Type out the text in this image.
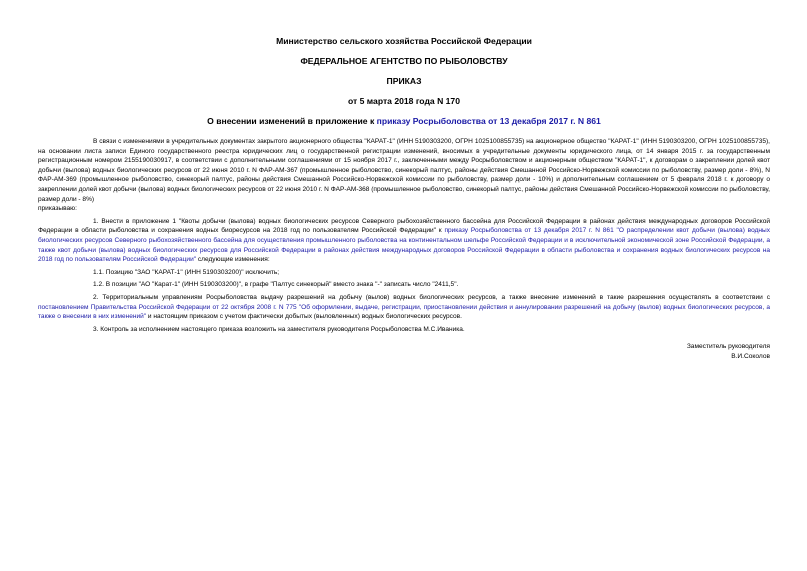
Министерство сельского хозяйства Российской Федерации
ФЕДЕРАЛЬНОЕ АГЕНТСТВО ПО РЫБОЛОВСТВУ
ПРИКАЗ
от 5 марта 2018 года N 170
О внесении изменений в приложение к приказу Росрыболовства от 13 декабря 2017 г. N 861

В связи с изменениями в учредительных документах закрытого акционерного общества "КАРАТ-1" (ИНН 5190303200, ОГРН 1025100855735) на акционерное общество "КАРАТ-1" (ИНН 5190303200, ОГРН 1025100855735), на основании листа записи Единого государственного реестра юридических лиц о государственной регистрации изменений, вносимых в учредительные документы юридического лица, от 14 января 2015 г. за государственным регистрационным номером 2155190030917, в соответствии с дополнительными соглашениями от 15 ноября 2017 г., заключенными между Росрыболовством и акционерным обществом "КАРАТ-1", к договорам о закреплении долей квот добычи (вылова) водных биологических ресурсов от 22 июня 2010 г. N ФАР-АМ-367 (промышленное рыболовство, синекорый палтус, районы действия Смешанной Российско-Норвежской комиссии по рыболовству, размер доли - 8%), N ФАР-АМ-369 (промышленное рыболовство, синекорый палтус, районы действия Смешанной Российско-Норвежской комиссии по рыболовству, размер доли - 10%) и дополнительным соглашением от 5 февраля 2018 г. к договору о закреплении долей квот добычи (вылова) водных биологических ресурсов от 22 июня 2010 г. N ФАР-АМ-368 (промышленное рыболовство, синекорый палтус, районы действия Смешанной Российско-Норвежской комиссии по рыболовству, размер доли - 8%)

приказываю:

1. Внести в приложение 1 "Квоты добычи (вылова) водных биологических ресурсов Северного рыбохозяйственного бассейна для Российской Федерации в районах действия международных договоров Российской Федерации в области рыболовства и сохранения водных биоресурсов на 2018 год по пользователям Российской Федерации" к приказу Росрыболовства от 13 декабря 2017 г. N 861 "О распределении квот добычи (вылова) водных биологических ресурсов Северного рыбохозяйственного бассейна для осуществления промышленного рыболовства на континентальном шельфе Российской Федерации и в исключительной экономической зоне Российской Федерации, а также квот добычи (вылова) водных биологических ресурсов для Российской Федерации в районах действия международных договоров Российской Федерации в области рыболовства и сохранения водных биологических ресурсов на 2018 год по пользователям Российской Федерации" следующие изменения:

1.1. Позицию "ЗАО "КАРАТ-1" (ИНН 5190303200)" исключить;

1.2. В позиции "АО "Карат-1" (ИНН 5190303200)", в графе "Палтус синекорый" вместо знака "-" записать число "2411,5".

2. Территориальным управлениям Росрыболовства выдачу разрешений на добычу (вылов) водных биологических ресурсов, а также внесение изменений в такие разрешения осуществлять в соответствии с постановлением Правительства Российской Федерации от 22 октября 2008 г. N 775 "Об оформлении, выдаче, регистрации, приостановлении действия и аннулировании разрешений на добычу (вылов) водных биологических ресурсов, а также о внесении в них изменений" и настоящим приказом с учетом фактически добытых (выловленных) водных биологических ресурсов.

3. Контроль за исполнением настоящего приказа возложить на заместителя руководителя Росрыболовства М.С.Иваника.

Заместитель руководителя
В.И.Соколов
